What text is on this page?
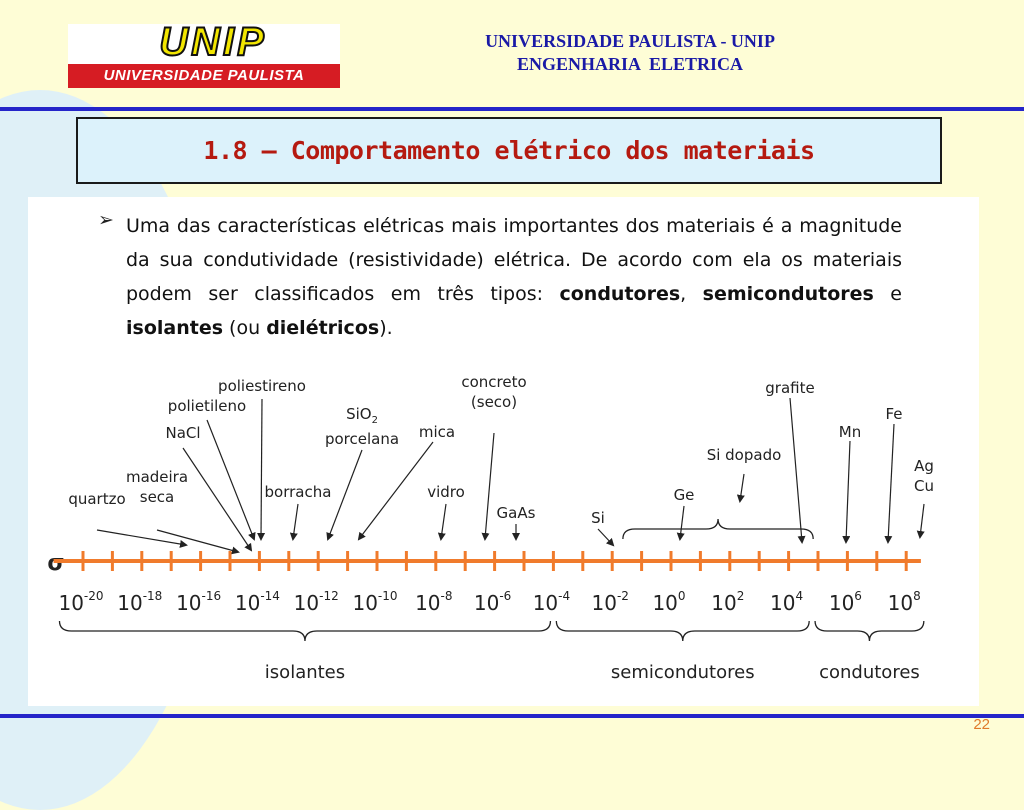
UNIP
UNIVERSIDADE PAULISTA
UNIVERSIDADE PAULISTA - UNIP
ENGENHARIA  ELETRICA
1.8 – Comportamento elétrico dos materiais
➢ Uma das características elétricas mais importantes dos materiais é a magnitude da sua condutividade (resistividade) elétrica. De acordo com ela os materiais podem ser classificados em três tipos: condutores, semicondutores e isolantes (ou dielétricos).
σ
$10^{-20}$ $10^{-18}$ $10^{-16}$ $10^{-14}$ $10^{-12}$ $10^{-10}$ $10^{-8}$ $10^{-6}$ $10^{-4}$ $10^{-2}$ $10^0$ $10^2$ $10^4$ $10^6$ $10^8$
quartzo
madeira
seca
NaCl
polietileno
poliestireno
borracha
SiO$_2$
porcelana mica
vidro
concreto
(seco)
GaAs	Si
Ge
Si dopado
grafite
Mn
Fe
Ag
Cu
isolantes	semicondutores	condutores
22
